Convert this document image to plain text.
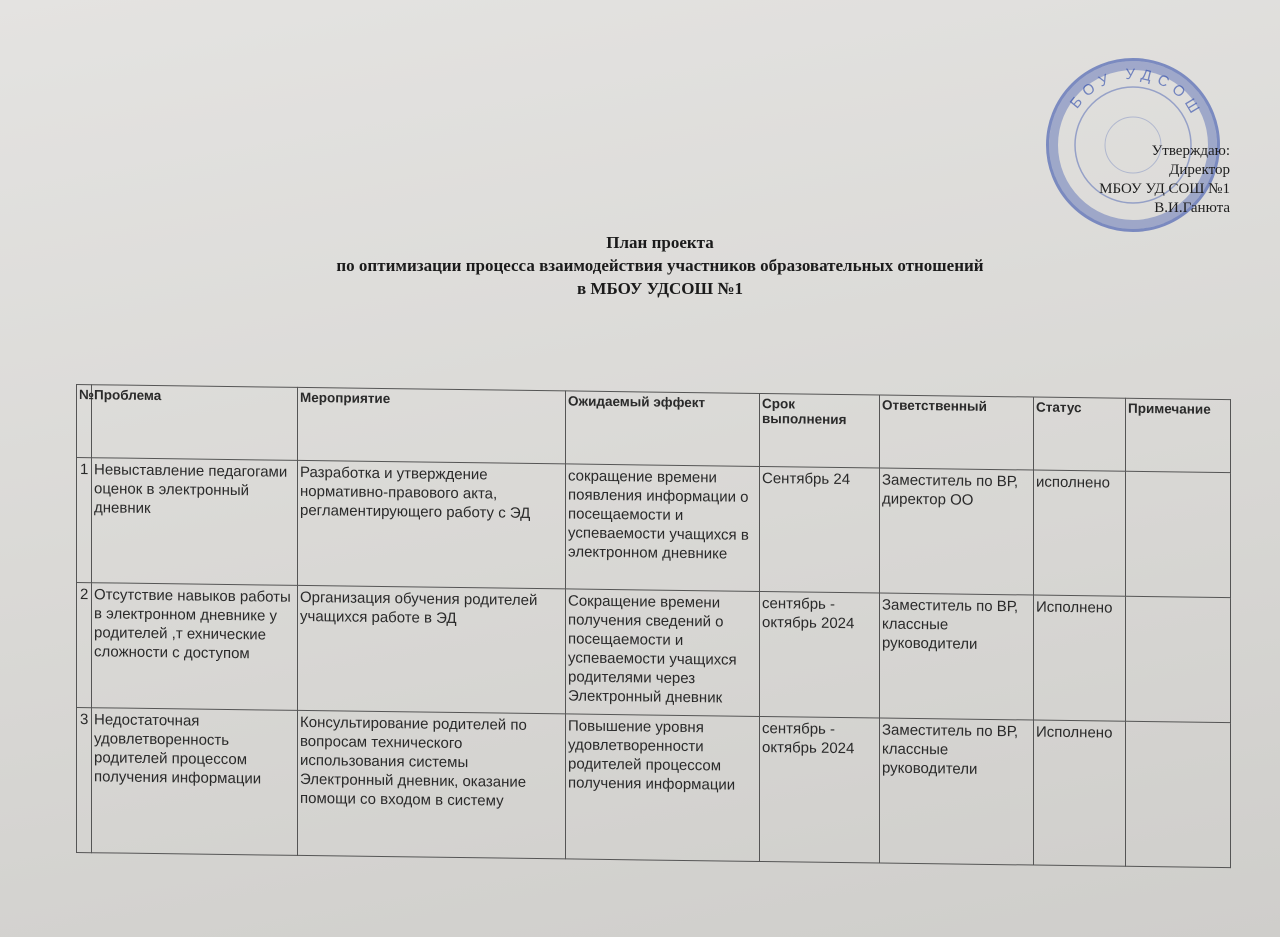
БОУ УДСОШ
Утверждаю:
Директор
МБОУ УД СОШ №1
В.И.Ганюта
План проекта
по оптимизации процесса взаимодействия участников образовательных отношений
в МБОУ УДСОШ №1
№	Проблема	Мероприятие	Ожидаемый эффект	Срок выполнения	Ответственный	Статус	Примечание
1	Невыставление педагогами оценок в электронный дневник	Разработка и утверждение нормативно-правового акта, регламентирующего работу с ЭД	сокращение времени появления информации о посещаемости и успеваемости учащихся в электронном дневнике	Сентябрь 24	Заместитель по ВР, директор ОО	исполнено	
2	Отсутствие навыков работы в электронном дневнике у родителей ,т ехнические сложности с доступом	Организация обучения родителей учащихся работе в ЭД	Сокращение времени получения сведений о посещаемости и успеваемости учащихся родителями через Электронный дневник	сентябрь - октябрь 2024	Заместитель по ВР, классные руководители	Исполнено	
3	Недостаточная удовлетворенность родителей процессом получения информации	Консультирование родителей по вопросам технического использования системы Электронный дневник, оказание помощи со входом в систему	Повышение уровня удовлетворенности родителей процессом получения информации	сентябрь - октябрь 2024	Заместитель по ВР, классные руководители	Исполнено	
